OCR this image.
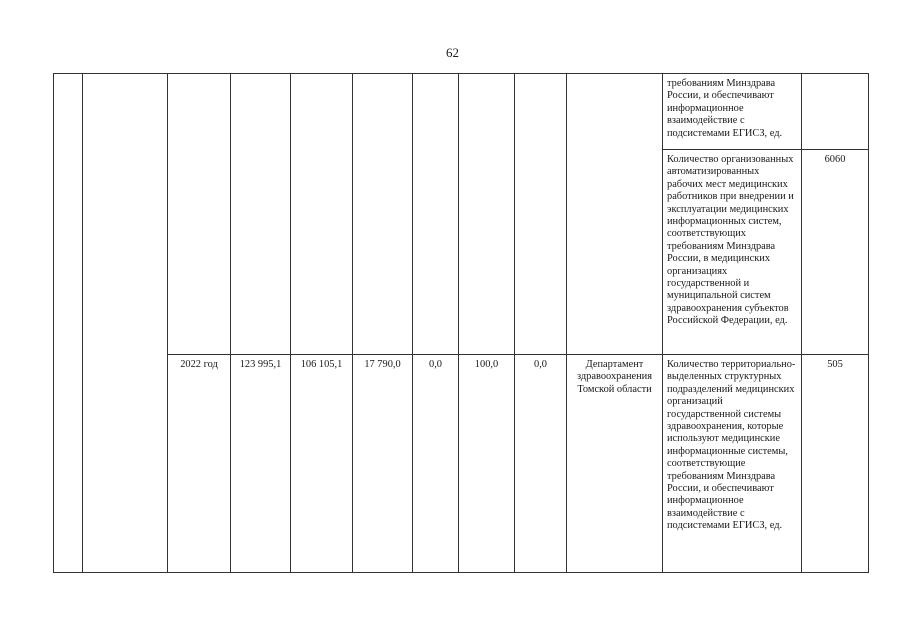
62
										требованиям Минздрава России, и обеспечивают информационное взаимодействие с подсистемами ЕГИСЗ, ед.	
										Количество организованных автоматизированных рабочих мест медицинских работников при внедрении и эксплуатации медицинских информационных систем, соответствующих требованиям Минздрава России, в медицинских организациях государственной и муниципальной систем здравоохранения субъектов Российской Федерации, ед.	6060
		2022 год	123 995,1	106 105,1	17 790,0	0,0	100,0	0,0	Департамент здравоохранения Томской области	Количество территориально-выделенных структурных подразделений медицинских организаций государственной системы здравоохранения, которые используют медицинские информационные системы, соответствующие требованиям Минздрава России, и обеспечивают информационное взаимодействие с подсистемами ЕГИСЗ, ед.	505
